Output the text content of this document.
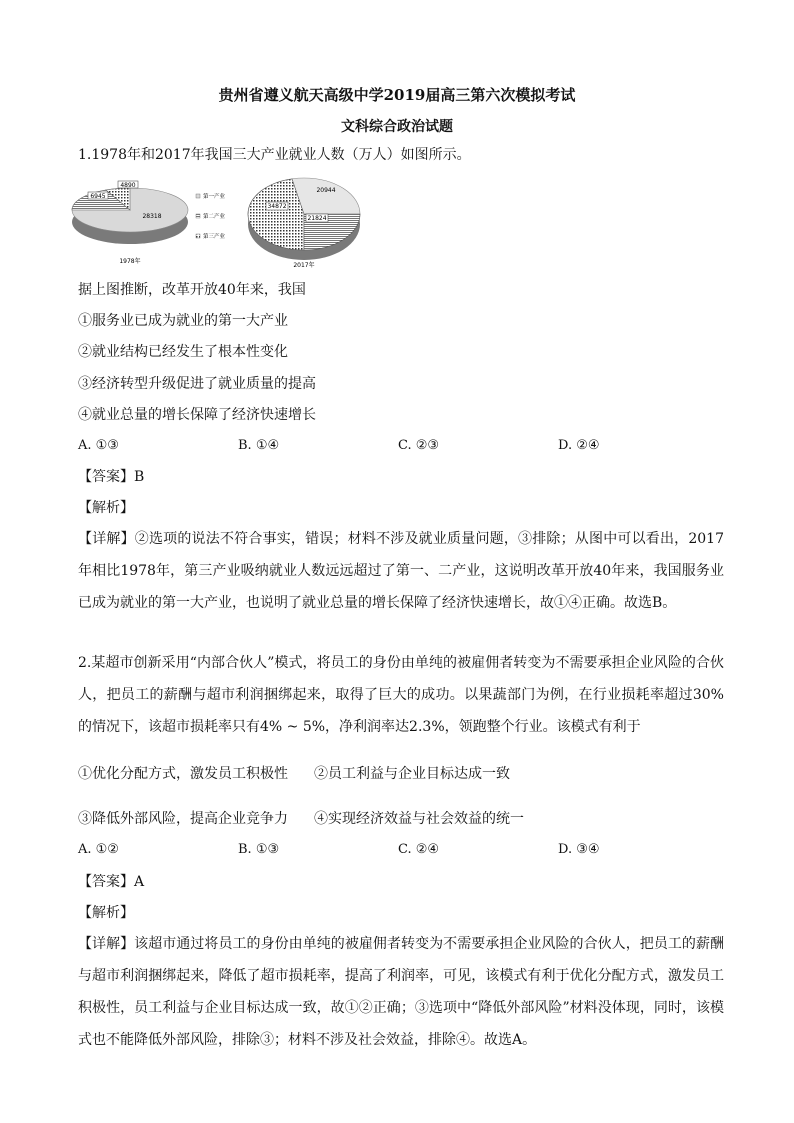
贵州省遵义航天高级中学2019届高三第六次模拟考试
文科综合政治试题
1.1978年和2017年我国三大产业就业人数（万人）如图所示。
4890
6945
28318
1978年
第一产业
第二产业
第三产业
20944
34872
21824
2017年
据上图推断，改革开放40年来，我国
①服务业已成为就业的第一大产业
②就业结构已经发生了根本性变化
③经济转型升级促进了就业质量的提高
④就业总量的增长保障了经济快速增长
A. ①③	B. ①④	C. ②③	D. ②④
【答案】B
【解析】
【详解】②选项的说法不符合事实，错误；材料不涉及就业质量问题，③排除；从图中可以看出，2017年相比1978年，第三产业吸纳就业人数远远超过了第一、二产业，这说明改革开放40年来，我国服务业已成为就业的第一大产业，也说明了就业总量的增长保障了经济快速增长，故①④正确。故选B。
2.某超市创新采用“内部合伙人”模式，将员工的身份由单纯的被雇佣者转变为不需要承担企业风险的合伙人，把员工的薪酬与超市利润捆绑起来，取得了巨大的成功。以果蔬部门为例，在行业损耗率超过30%的情况下，该超市损耗率只有4% ~ 5%，净利润率达2.3%，领跑整个行业。该模式有利于
①优化分配方式，激发员工积极性 ②员工利益与企业目标达成一致
③降低外部风险，提高企业竞争力 ④实现经济效益与社会效益的统一
A. ①②	B. ①③	C. ②④	D. ③④
【答案】A
【解析】
【详解】该超市通过将员工的身份由单纯的被雇佣者转变为不需要承担企业风险的合伙人，把员工的薪酬与超市利润捆绑起来，降低了超市损耗率，提高了利润率，可见，该模式有利于优化分配方式，激发员工积极性，员工利益与企业目标达成一致，故①②正确；③选项中“降低外部风险”材料没体现，同时，该模式也不能降低外部风险，排除③；材料不涉及社会效益，排除④。故选A。
